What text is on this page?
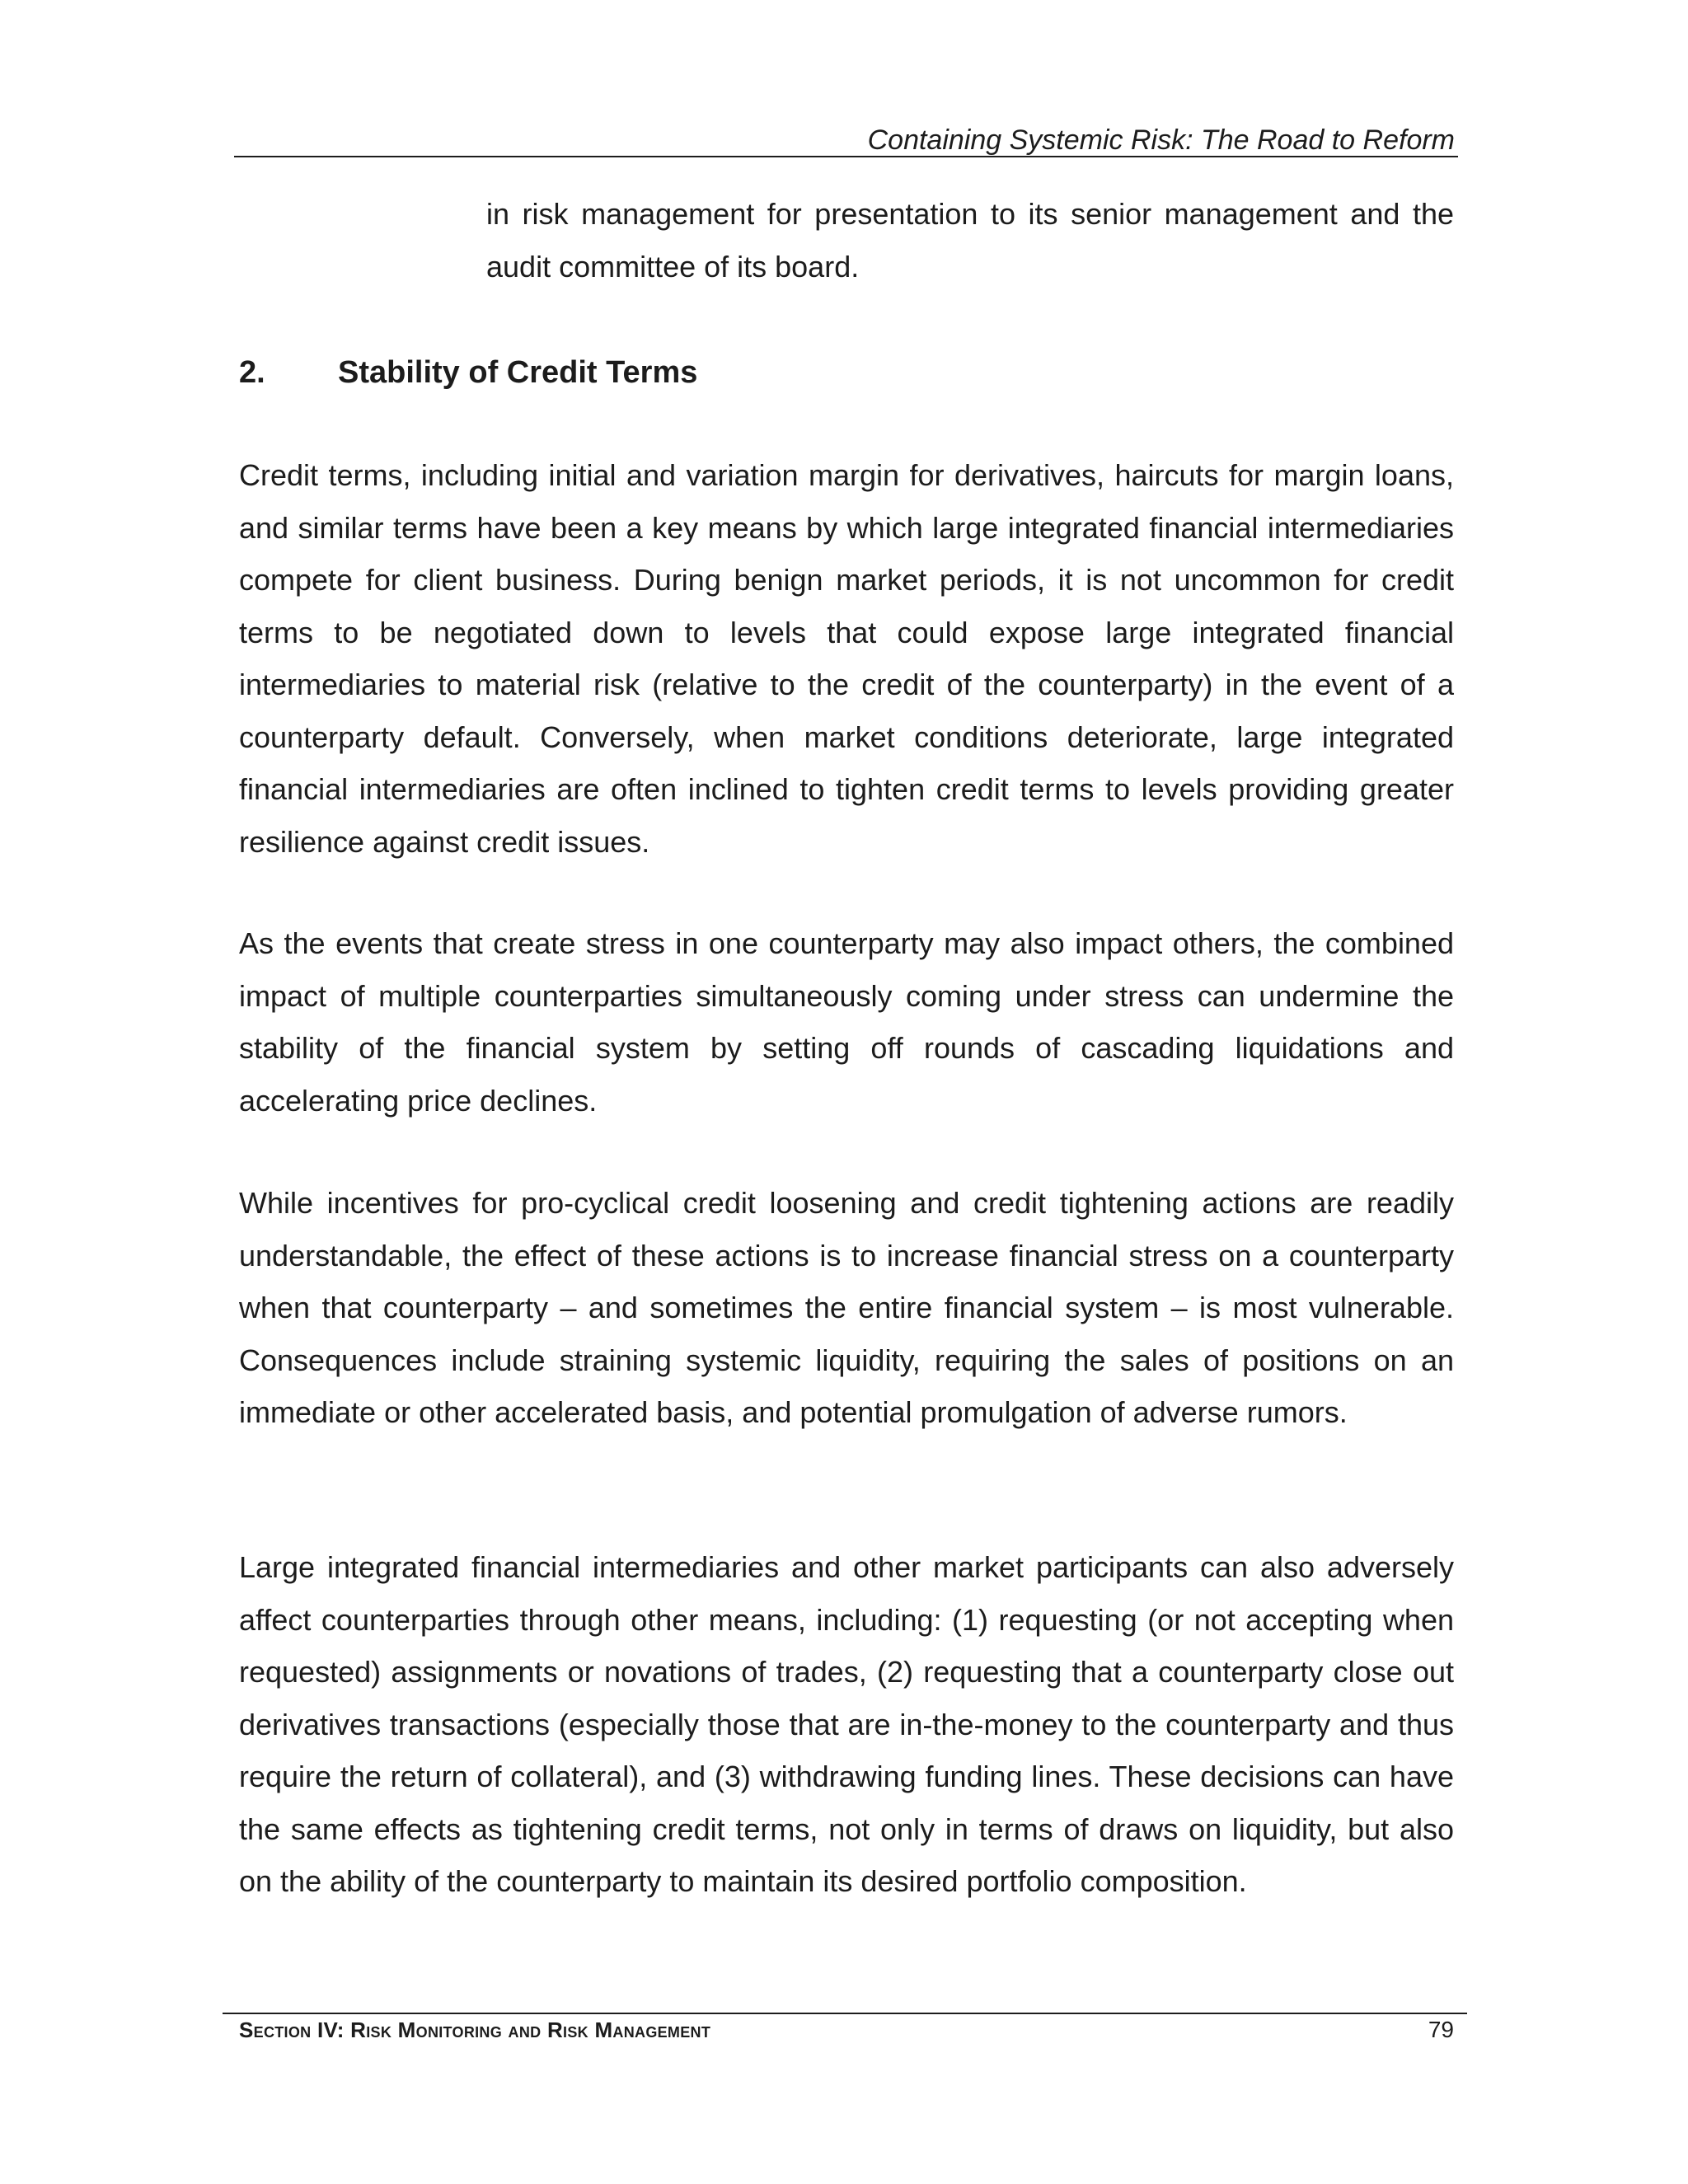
Containing Systemic Risk: The Road to Reform

in risk management for presentation to its senior management and the audit committee of its board.

2. Stability of Credit Terms

Credit terms, including initial and variation margin for derivatives, haircuts for margin loans, and similar terms have been a key means by which large integrated financial intermediaries compete for client business. During benign market periods, it is not uncommon for credit terms to be negotiated down to levels that could expose large integrated financial intermediaries to material risk (relative to the credit of the counterparty) in the event of a counterparty default. Conversely, when market conditions deteriorate, large integrated financial intermediaries are often inclined to tighten credit terms to levels providing greater resilience against credit issues.

As the events that create stress in one counterparty may also impact others, the combined impact of multiple counterparties simultaneously coming under stress can undermine the stability of the financial system by setting off rounds of cascading liquidations and accelerating price declines.

While incentives for pro-cyclical credit loosening and credit tightening actions are readily understandable, the effect of these actions is to increase financial stress on a counterparty when that counterparty – and sometimes the entire financial system – is most vulnerable. Consequences include straining systemic liquidity, requiring the sales of positions on an immediate or other accelerated basis, and potential promulgation of adverse rumors.

Large integrated financial intermediaries and other market participants can also adversely affect counterparties through other means, including: (1) requesting (or not accepting when requested) assignments or novations of trades, (2) requesting that a counterparty close out derivatives transactions (especially those that are in-the-money to the counterparty and thus require the return of collateral), and (3) withdrawing funding lines. These decisions can have the same effects as tightening credit terms, not only in terms of draws on liquidity, but also on the ability of the counterparty to maintain its desired portfolio composition.

Section IV: Risk Monitoring and Risk Management	79
